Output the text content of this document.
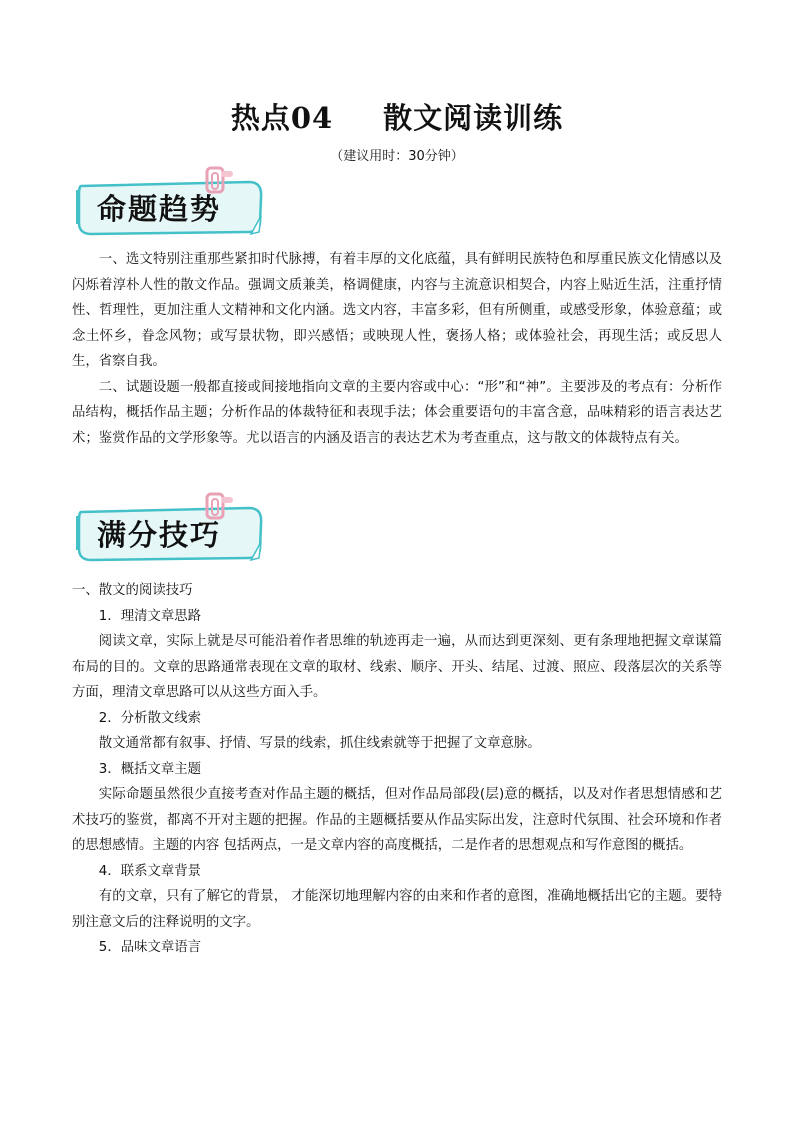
热点04 散文阅读训练
（建议用时：30分钟）
命题趋势

一、选文特别注重那些紧扣时代脉搏，有着丰厚的文化底蕴，具有鲜明民族特色和厚重民族文化情感以及闪烁着淳朴人性的散文作品。强调文质兼美，格调健康，内容与主流意识相契合，内容上贴近生活，注重抒情性、哲理性，更加注重人文精神和文化内涵。选文内容，丰富多彩，但有所侧重，或感受形象，体验意蕴；或念土怀乡，眷念风物；或写景状物，即兴感悟；或映现人性，褒扬人格；或体验社会，再现生活；或反思人生，省察自我。

二、试题设题一般都直接或间接地指向文章的主要内容或中心：“形”和“神”。主要涉及的考点有：分析作品结构，概括作品主题；分析作品的体裁特征和表现手法；体会重要语句的丰富含意，品味精彩的语言表达艺术；鉴赏作品的文学形象等。尤以语言的内涵及语言的表达艺术为考查重点，这与散文的体裁特点有关。

满分技巧

一、散文的阅读技巧

1．理清文章思路

阅读文章，实际上就是尽可能沿着作者思维的轨迹再走一遍，从而达到更深刻、更有条理地把握文章谋篇布局的目的。文章的思路通常表现在文章的取材、线索、顺序、开头、结尾、过渡、照应、段落层次的关系等方面，理清文章思路可以从这些方面入手。

2．分析散文线索

散文通常都有叙事、抒情、写景的线索，抓住线索就等于把握了文章意脉。

3．概括文章主题

实际命题虽然很少直接考查对作品主题的概括，但对作品局部段(层)意的概括，以及对作者思想情感和艺术技巧的鉴赏，都离不开对主题的把握。作品的主题概括要从作品实际出发，注意时代氛围、社会环境和作者的思想感情。主题的内容 包括两点，一是文章内容的高度概括，二是作者的思想观点和写作意图的概括。

4．联系文章背景

有的文章，只有了解它的背景， 才能深切地理解内容的由来和作者的意图，准确地概括出它的主题。要特别注意文后的注释说明的文字。

5．品味文章语言
